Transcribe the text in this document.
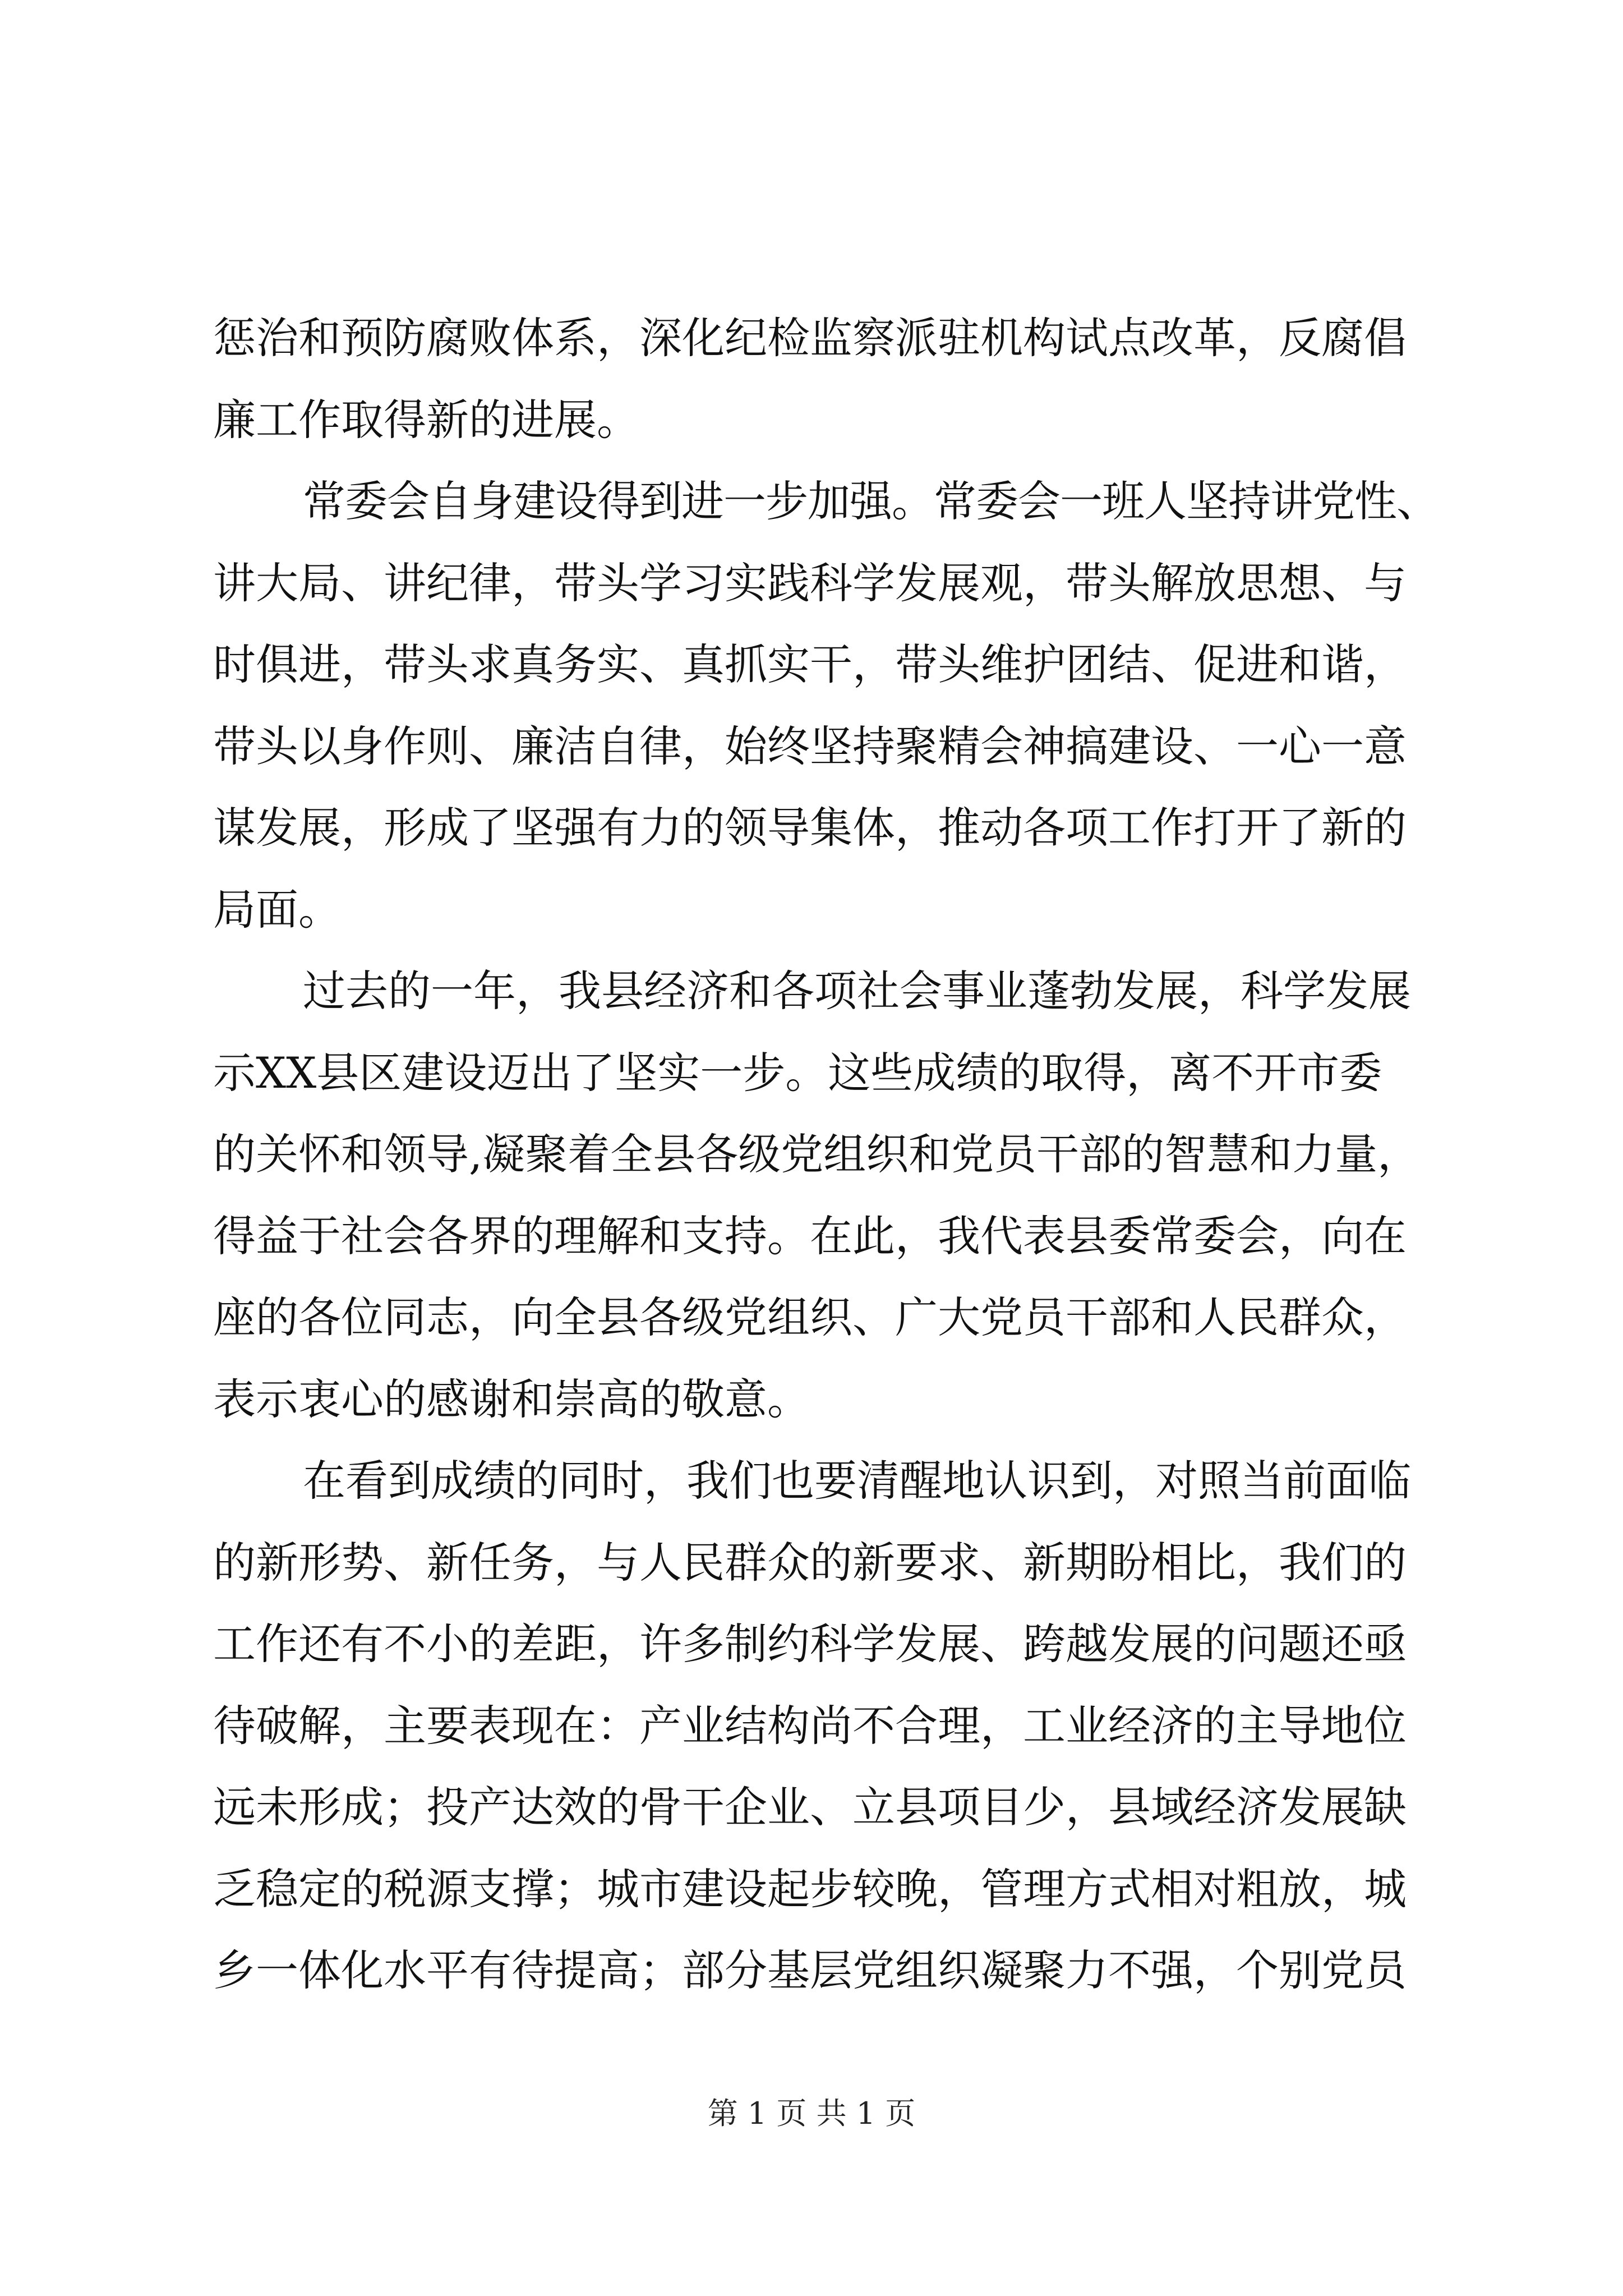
惩治和预防腐败体系，深化纪检监察派驻机构试点改革，反腐倡
廉工作取得新的进展。
常委会自身建设得到进一步加强。常委会一班人坚持讲党性、
讲大局、讲纪律，带头学习实践科学发展观，带头解放思想、与
时俱进，带头求真务实、真抓实干，带头维护团结、促进和谐，
带头以身作则、廉洁自律，始终坚持聚精会神搞建设、一心一意
谋发展，形成了坚强有力的领导集体，推动各项工作打开了新的
局面。
过去的一年，我县经济和各项社会事业蓬勃发展，科学发展
示XX县区建设迈出了坚实一步。这些成绩的取得，离不开市委
的关怀和领导,凝聚着全县各级党组织和党员干部的智慧和力量，
得益于社会各界的理解和支持。在此，我代表县委常委会，向在
座的各位同志，向全县各级党组织、广大党员干部和人民群众，
表示衷心的感谢和崇高的敬意。
在看到成绩的同时，我们也要清醒地认识到，对照当前面临
的新形势、新任务，与人民群众的新要求、新期盼相比，我们的
工作还有不小的差距，许多制约科学发展、跨越发展的问题还亟
待破解，主要表现在：产业结构尚不合理，工业经济的主导地位
远未形成；投产达效的骨干企业、立县项目少，县域经济发展缺
乏稳定的税源支撑；城市建设起步较晚，管理方式相对粗放，城
乡一体化水平有待提高；部分基层党组织凝聚力不强，个别党员
第 1 页 共 1 页
